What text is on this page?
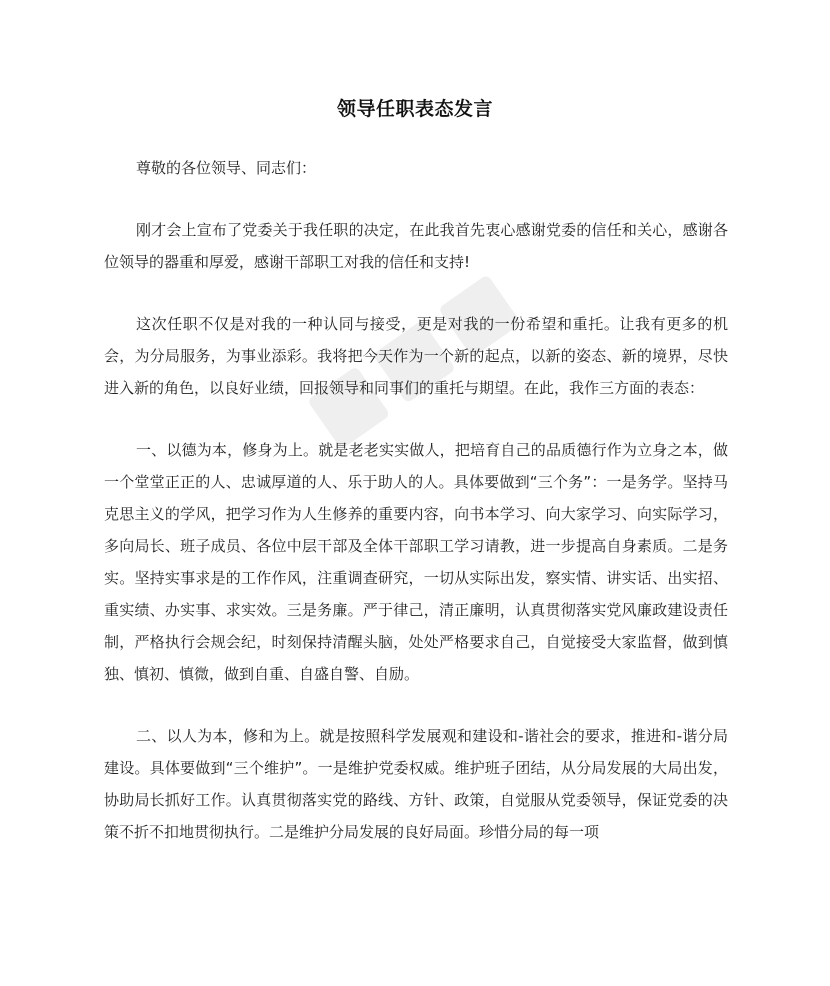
领导任职表态发言

尊敬的各位领导、同志们：

刚才会上宣布了党委关于我任职的决定，在此我首先衷心感谢党委的信任和关心，感谢各位领导的器重和厚爱，感谢干部职工对我的信任和支持!

这次任职不仅是对我的一种认同与接受，更是对我的一份希望和重托。让我有更多的机会，为分局服务，为事业添彩。我将把今天作为一个新的起点，以新的姿态、新的境界，尽快进入新的角色，以良好业绩，回报领导和同事们的重托与期望。在此，我作三方面的表态：

一、以德为本，修身为上。就是老老实实做人，把培育自己的品质德行作为立身之本，做一个堂堂正正的人、忠诚厚道的人、乐于助人的人。具体要做到“三个务”：一是务学。坚持马克思主义的学风，把学习作为人生修养的重要内容，向书本学习、向大家学习、向实际学习，多向局长、班子成员、各位中层干部及全体干部职工学习请教，进一步提高自身素质。二是务实。坚持实事求是的工作作风，注重调查研究，一切从实际出发，察实情、讲实话、出实招、重实绩、办实事、求实效。三是务廉。严于律己，清正廉明，认真贯彻落实党风廉政建设责任制，严格执行会规会纪，时刻保持清醒头脑，处处严格要求自己，自觉接受大家监督，做到慎独、慎初、慎微，做到自重、自盛自警、自励。

二、以人为本，修和为上。就是按照科学发展观和建设和-谐社会的要求，推进和-谐分局建设。具体要做到“三个维护”。一是维护党委权威。维护班子团结，从分局发展的大局出发，协助局长抓好工作。认真贯彻落实党的路线、方针、政策，自觉服从党委领导，保证党委的决策不折不扣地贯彻执行。二是维护分局发展的良好局面。珍惜分局的每一项
